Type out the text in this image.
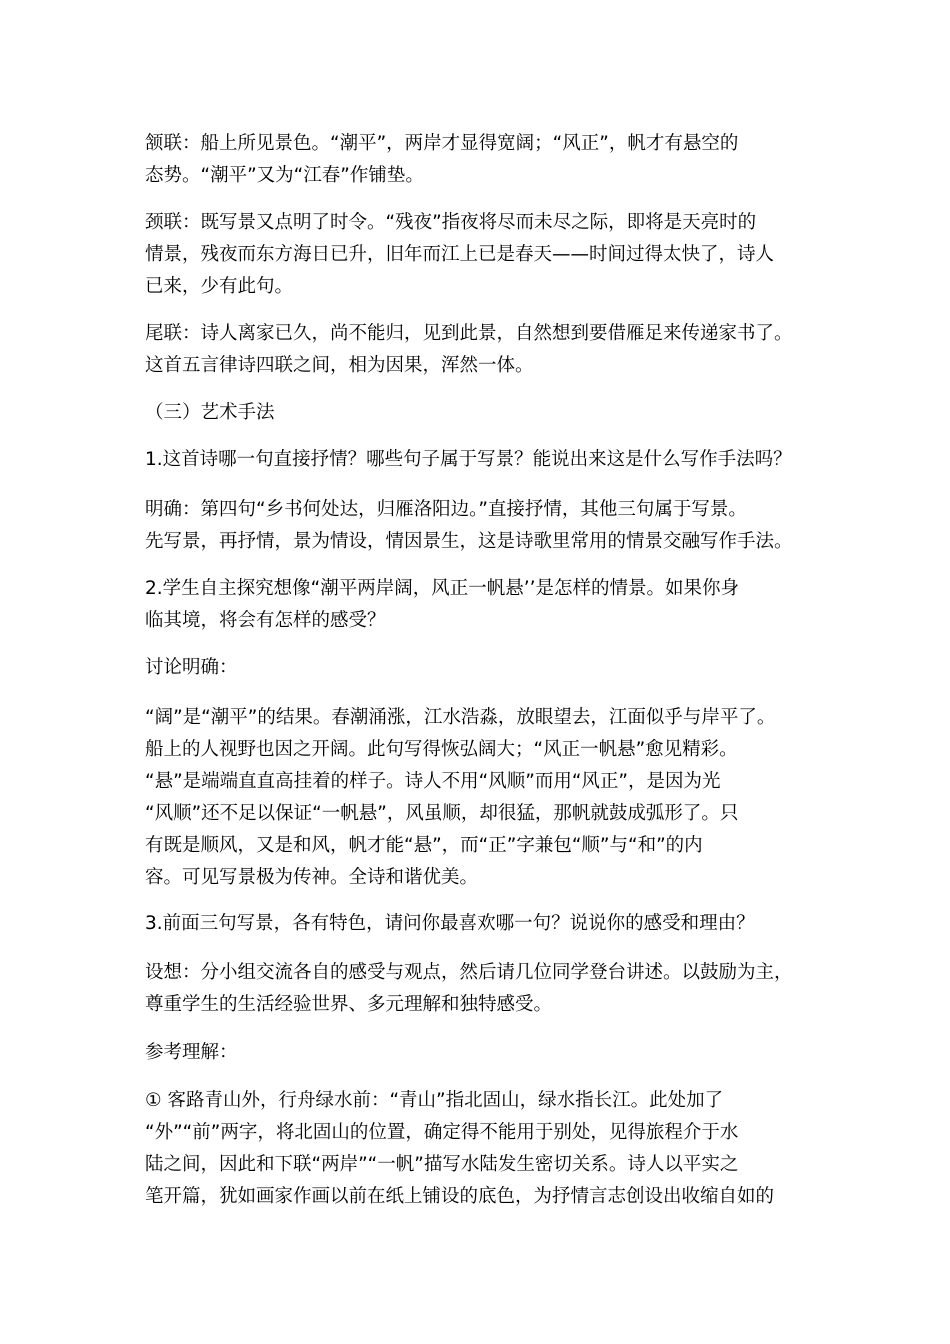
颔联：船上所见景色。“潮平”，两岸才显得宽阔；“风正”，帆才有悬空的
态势。“潮平”又为“江春”作铺垫。
颈联：既写景又点明了时令。“残夜”指夜将尽而未尽之际，即将是天亮时的
情景，残夜而东方海日已升，旧年而江上已是春天——时间过得太快了，诗人
已来，少有此句。
尾联：诗人离家已久，尚不能归，见到此景，自然想到要借雁足来传递家书了。
这首五言律诗四联之间，相为因果，浑然一体。
（三）艺术手法
1.这首诗哪一句直接抒情？哪些句子属于写景？能说出来这是什么写作手法吗？
明确：第四句“乡书何处达，归雁洛阳边。”直接抒情，其他三句属于写景。
先写景，再抒情，景为情设，情因景生，这是诗歌里常用的情景交融写作手法。
2.学生自主探究想像“潮平两岸阔，风正一帆悬’’是怎样的情景。如果你身
临其境，将会有怎样的感受？
讨论明确：
“阔”是“潮平”的结果。春潮涌涨，江水浩淼，放眼望去，江面似乎与岸平了。
船上的人视野也因之开阔。此句写得恢弘阔大；“风正一帆悬”愈见精彩。
“悬”是端端直直高挂着的样子。诗人不用“风顺”而用“风正”，是因为光
“风顺”还不足以保证“一帆悬”，风虽顺，却很猛，那帆就鼓成弧形了。只
有既是顺风，又是和风，帆才能“悬”，而“正”字兼包“顺”与“和”的内
容。可见写景极为传神。全诗和谐优美。
3.前面三句写景，各有特色，请问你最喜欢哪一句？说说你的感受和理由？
设想：分小组交流各自的感受与观点，然后请几位同学登台讲述。以鼓励为主，
尊重学生的生活经验世界、多元理解和独特感受。
参考理解：
① 客路青山外，行舟绿水前：“青山”指北固山，绿水指长江。此处加了
“外”“前”两字，将北固山的位置，确定得不能用于别处，见得旅程介于水
陆之间，因此和下联“两岸”“一帆”描写水陆发生密切关系。诗人以平实之
笔开篇，犹如画家作画以前在纸上铺设的底色，为抒情言志创设出收缩自如的
